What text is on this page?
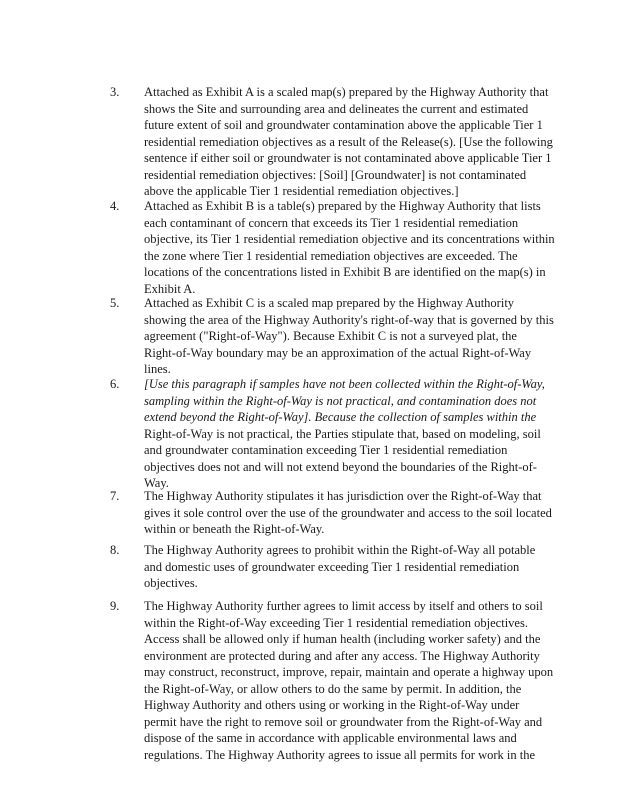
3. Attached as Exhibit A is a scaled map(s) prepared by the Highway Authority that
shows the Site and surrounding area and delineates the current and estimated
future extent of soil and groundwater contamination above the applicable Tier 1
residential remediation objectives as a result of the Release(s). [Use the following
sentence if either soil or groundwater is not contaminated above applicable Tier 1
residential remediation objectives: [Soil] [Groundwater] is not contaminated
above the applicable Tier 1 residential remediation objectives.]
4. Attached as Exhibit B is a table(s) prepared by the Highway Authority that lists
each contaminant of concern that exceeds its Tier 1 residential remediation
objective, its Tier 1 residential remediation objective and its concentrations within
the zone where Tier 1 residential remediation objectives are exceeded. The
locations of the concentrations listed in Exhibit B are identified on the map(s) in
Exhibit A.
5. Attached as Exhibit C is a scaled map prepared by the Highway Authority
showing the area of the Highway Authority's right-of-way that is governed by this
agreement ("Right-of-Way"). Because Exhibit C is not a surveyed plat, the
Right-of-Way boundary may be an approximation of the actual Right-of-Way
lines.
6. [Use this paragraph if samples have not been collected within the Right-of-Way,
sampling within the Right-of-Way is not practical, and contamination does not
extend beyond the Right-of-Way]. Because the collection of samples within the
Right-of-Way is not practical, the Parties stipulate that, based on modeling, soil
and groundwater contamination exceeding Tier 1 residential remediation
objectives does not and will not extend beyond the boundaries of the Right-of-
Way.
7. The Highway Authority stipulates it has jurisdiction over the Right-of-Way that
gives it sole control over the use of the groundwater and access to the soil located
within or beneath the Right-of-Way.
8. The Highway Authority agrees to prohibit within the Right-of-Way all potable
and domestic uses of groundwater exceeding Tier 1 residential remediation
objectives.
9. The Highway Authority further agrees to limit access by itself and others to soil
within the Right-of-Way exceeding Tier 1 residential remediation objectives.
Access shall be allowed only if human health (including worker safety) and the
environment are protected during and after any access. The Highway Authority
may construct, reconstruct, improve, repair, maintain and operate a highway upon
the Right-of-Way, or allow others to do the same by permit. In addition, the
Highway Authority and others using or working in the Right-of-Way under
permit have the right to remove soil or groundwater from the Right-of-Way and
dispose of the same in accordance with applicable environmental laws and
regulations. The Highway Authority agrees to issue all permits for work in the
